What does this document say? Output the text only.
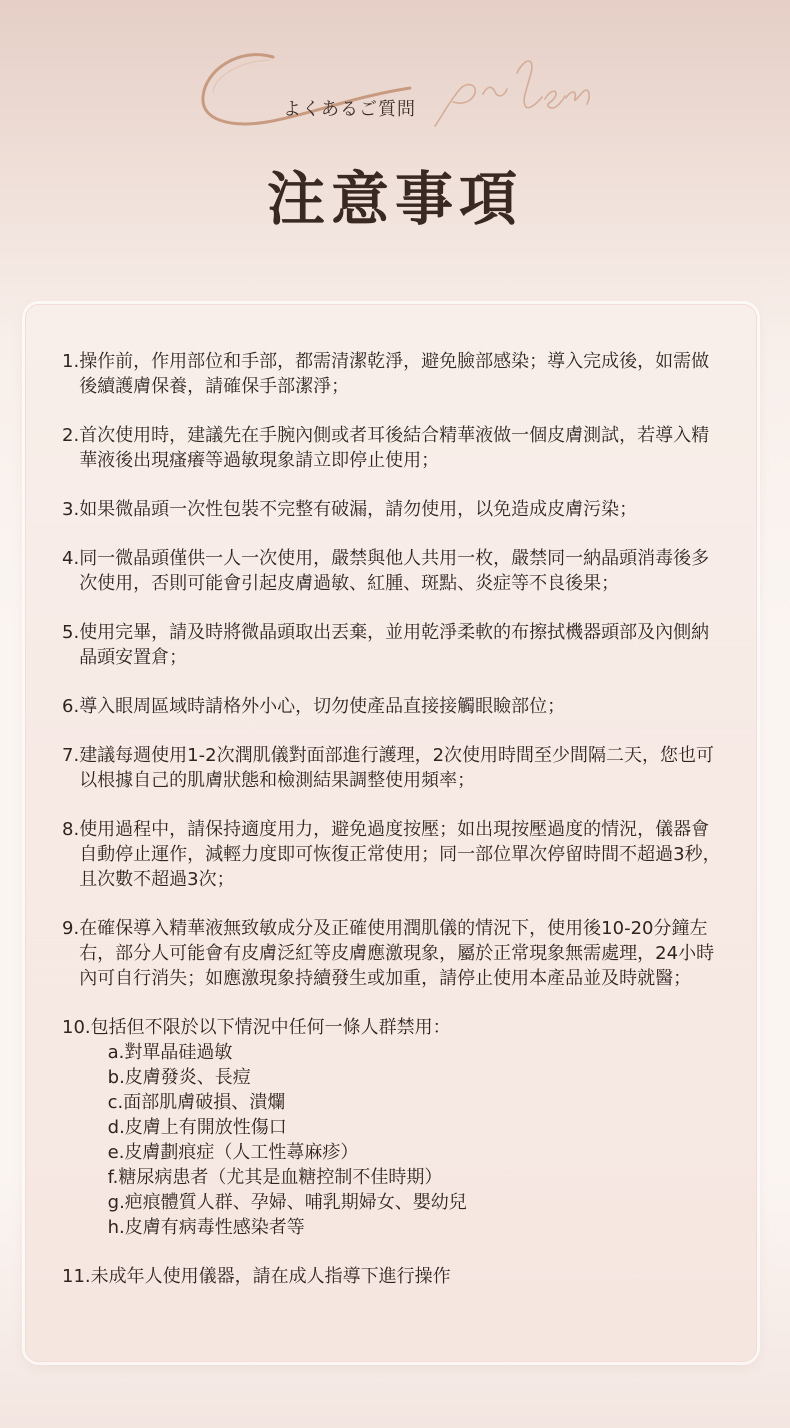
よくあるご質問

注意事項
1. 操作前，作用部位和手部，都需清潔乾淨，避免臉部感染；導入完成後，如需做後續護膚保養，請確保手部潔淨；
2. 首次使用時，建議先在手腕內側或者耳後結合精華液做一個皮膚測試，若導入精華液後出現瘙癢等過敏現象請立即停止使用；
3. 如果微晶頭一次性包裝不完整有破漏，請勿使用，以免造成皮膚污染；
4. 同一微晶頭僅供一人一次使用，嚴禁與他人共用一枚，嚴禁同一納晶頭消毒後多次使用，否則可能會引起皮膚過敏、紅腫、斑點、炎症等不良後果；
5. 使用完畢，請及時將微晶頭取出丟棄，並用乾淨柔軟的布擦拭機器頭部及內側納晶頭安置倉；
6. 導入眼周區域時請格外小心，切勿使產品直接接觸眼瞼部位；
7. 建議每週使用1-2次潤肌儀對面部進行護理，2次使用時間至少間隔二天，您也可以根據自己的肌膚狀態和檢測結果調整使用頻率；
8. 使用過程中，請保持適度用力，避免過度按壓；如出現按壓過度的情況，儀器會自動停止運作，減輕力度即可恢復正常使用；同一部位單次停留時間不超過3秒，且次數不超過3次；
9. 在確保導入精華液無致敏成分及正確使用潤肌儀的情況下，使用後10-20分鐘左右，部分人可能會有皮膚泛紅等皮膚應激現象，屬於正常現象無需處理，24小時內可自行消失；如應激現象持續發生或加重，請停止使用本產品並及時就醫；
10. 包括但不限於以下情況中任何一條人群禁用：
a.對單晶硅過敏
b.皮膚發炎、長痘
c.面部肌膚破損、潰爛
d.皮膚上有開放性傷口
e.皮膚劃痕症（人工性蕁麻疹）
f.糖尿病患者（尤其是血糖控制不佳時期）
g.疤痕體質人群、孕婦、哺乳期婦女、嬰幼兒
h.皮膚有病毒性感染者等
11. 未成年人使用儀器，請在成人指導下進行操作
